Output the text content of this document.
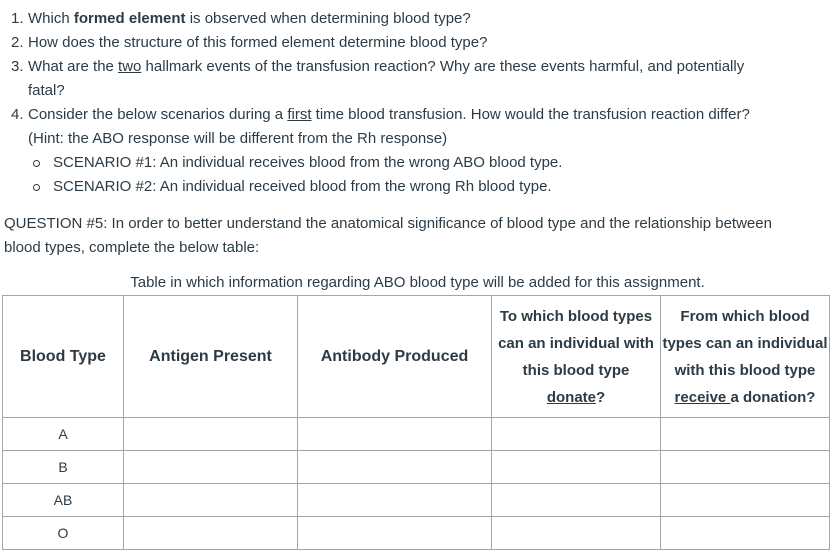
1. Which formed element is observed when determining blood type?
2. How does the structure of this formed element determine blood type?
3. What are the two hallmark events of the transfusion reaction? Why are these events harmful, and potentially
fatal?
4. Consider the below scenarios during a first time blood transfusion. How would the transfusion reaction differ?
(Hint: the ABO response will be different from the Rh response)
SCENARIO #1: An individual receives blood from the wrong ABO blood type.
SCENARIO #2: An individual received blood from the wrong Rh blood type.
QUESTION #5: In order to better understand the anatomical significance of blood type and the relationship between
blood types, complete the below table:
Table in which information regarding ABO blood type will be added for this assignment.
Blood Type	Antigen Present	Antibody Produced	To which blood types
can an individual with
this blood type
donate?	From which blood
types can an individual
with this blood type
receive a donation?
A				
B				
AB				
O				
